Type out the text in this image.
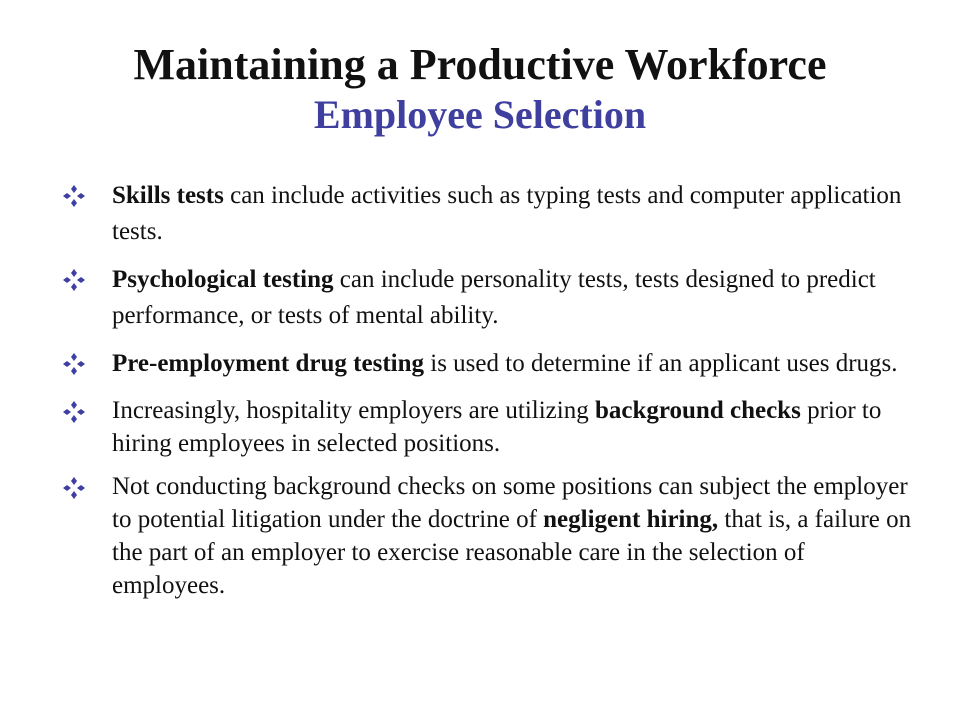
Maintaining a Productive Workforce
Employee Selection
Skills tests can include activities such as typing tests and computer application tests.
Psychological testing can include personality tests, tests designed to predict performance, or tests of mental ability.
Pre-employment drug testing is used to determine if an applicant uses drugs.
Increasingly, hospitality employers are utilizing background checks prior to hiring employees in selected positions.
Not conducting background checks on some positions can subject the employer to potential litigation under the doctrine of negligent hiring, that is, a failure on the part of an employer to exercise reasonable care in the selection of employees.
